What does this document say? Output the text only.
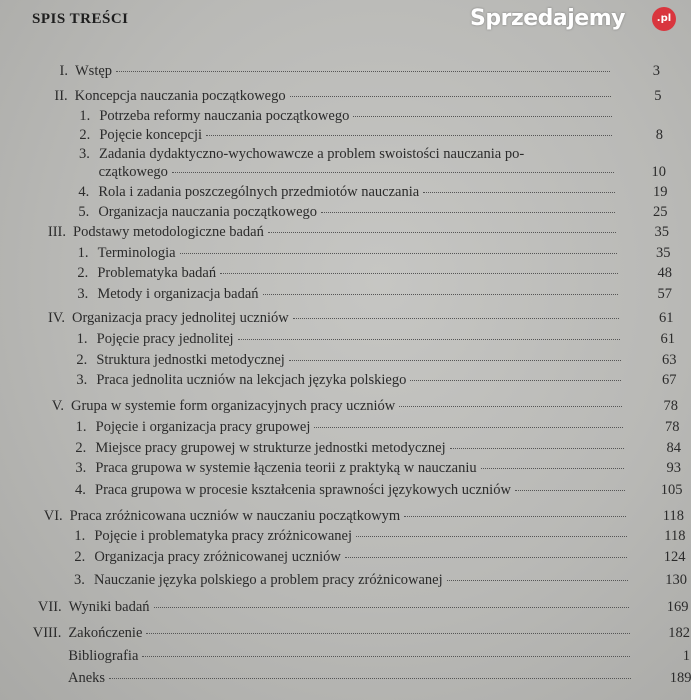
SPIS TREŚCI
I. Wstęp	3
II. Koncepcja nauczania początkowego	5
1. Potrzeba reformy nauczania początkowego
2. Pojęcie koncepcji	8
3. Zadania dydaktyczno-wychowawcze a problem swoistości nauczania po-
czątkowego	10
4. Rola i zadania poszczególnych przedmiotów nauczania	19
5. Organizacja nauczania początkowego	25
III. Podstawy metodologiczne badań	35
1. Terminologia	35
2. Problematyka badań	48
3. Metody i organizacja badań	57
IV. Organizacja pracy jednolitej uczniów	61
1. Pojęcie pracy jednolitej	61
2. Struktura jednostki metodycznej	63
3. Praca jednolita uczniów na lekcjach języka polskiego	67
V. Grupa w systemie form organizacyjnych pracy uczniów	78
1. Pojęcie i organizacja pracy grupowej	78
2. Miejsce pracy grupowej w strukturze jednostki metodycznej	84
3. Praca grupowa w systemie łączenia teorii z praktyką w nauczaniu	93
4. Praca grupowa w procesie kształcenia sprawności językowych uczniów	105
VI. Praca zróżnicowana uczniów w nauczaniu początkowym	118
1. Pojęcie i problematyka pracy zróżnicowanej	118
2. Organizacja pracy zróżnicowanej uczniów	124
3. Nauczanie języka polskiego a problem pracy zróżnicowanej	130
VII. Wyniki badań	169
VIII. Zakończenie	182
Bibliografia	1
Aneks	189
Sprzedajemy	.pl
